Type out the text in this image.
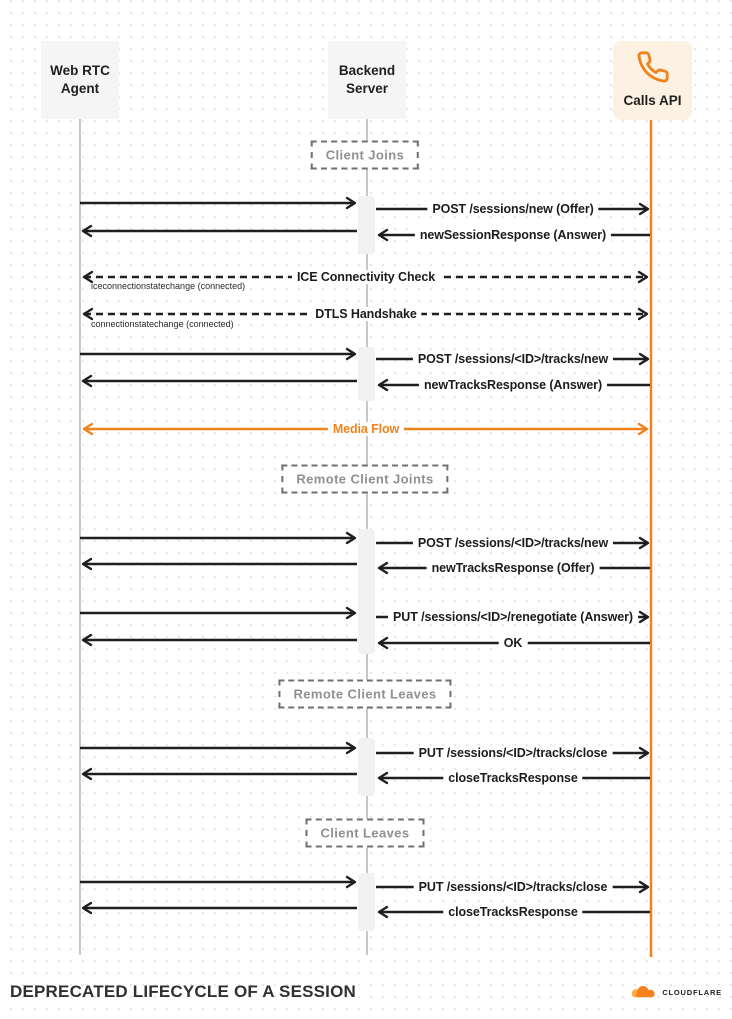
Web RTC
Agent
Backend
Server
Calls API
Client Joins
Remote Client Joints
Remote Client Leaves
Client Leaves
POST /sessions/new (Offer)
newSessionResponse (Answer)
ICE Connectivity Check
DTLS Handshake
POST /sessions/<ID>/tracks/new
newTracksResponse (Answer)
Media Flow
POST /sessions/<ID>/tracks/new
newTracksResponse (Offer)
PUT /sessions/<ID>/renegotiate (Answer)
OK
PUT /sessions/<ID>/tracks/close
closeTracksResponse
PUT /sessions/<ID>/tracks/close
closeTracksResponse
iceconnectionstatechange (connected)
connectionstatechange (connected)
DEPRECATED LIFECYCLE OF A SESSION	CLOUDFLARE
